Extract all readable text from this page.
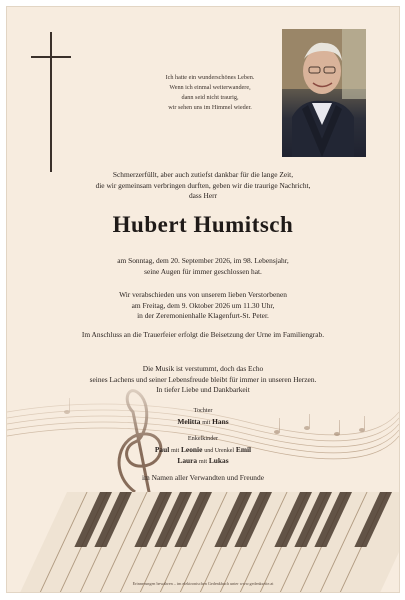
Ich hatte ein wunderschönes Leben.
Wenn ich einmal weiterwandere,
dann seid nicht traurig,
wir sehen uns im Himmel wieder.
Schmerzerfüllt, aber auch zutiefst dankbar für die lange Zeit,
die wir gemeinsam verbringen durften, geben wir die traurige Nachricht,
dass Herr
Hubert Humitsch
am Sonntag, dem 20. September 2026, im 98. Lebensjahr,
seine Augen für immer geschlossen hat.
Wir verabschieden uns von unserem lieben Verstorbenen
am Freitag, dem 9. Oktober 2026 um 11.30 Uhr,
in der Zeremonienhalle Klagenfurt-St. Peter.
Im Anschluss an die Trauerfeier erfolgt die Beisetzung der Urne im Familiengrab.
Die Musik ist verstummt, doch das Echo
seines Lachens und seiner Lebensfreude bleibt für immer in unseren Herzen.
In tiefer Liebe und Dankbarkeit
Tochter
Melitta mit Hans
Enkelkinder
Paul mit Leonie und Urenkel Emil
Laura mit Lukas
im Namen aller Verwandten und Freunde
Erinnerungen bewahren – im elektronischen Gedenkbuch unter www.gedenkseite.at
